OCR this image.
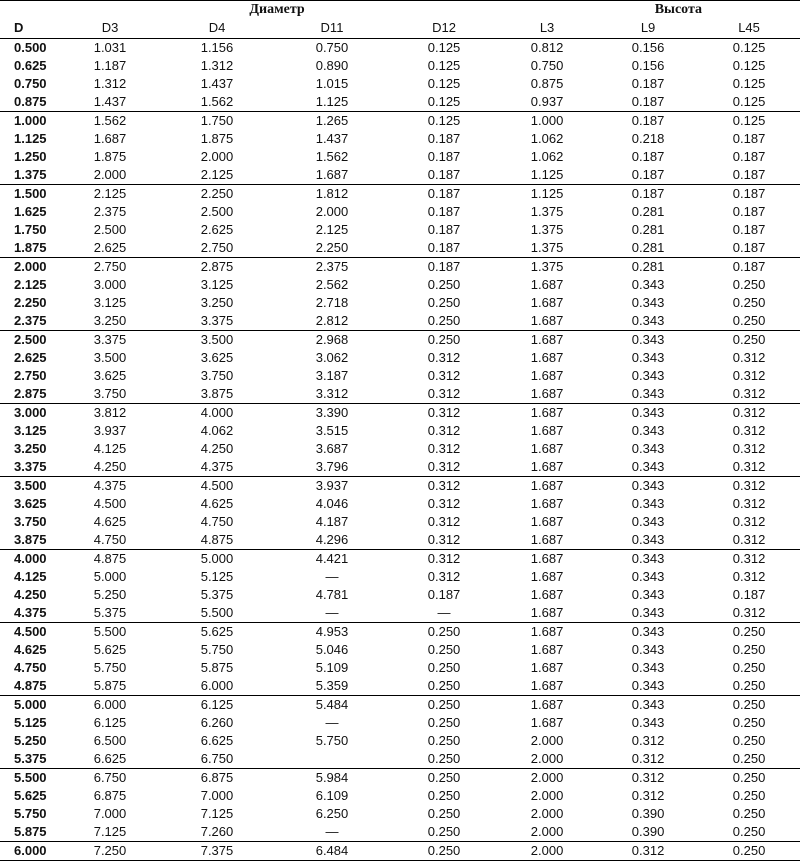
	Диаметр				Высота		
D	D3	D4	D11	D12	L3	L9	L45
0.500	1.031	1.156	0.750	0.125	0.812	0.156	0.125
0.625	1.187	1.312	0.890	0.125	0.750	0.156	0.125
0.750	1.312	1.437	1.015	0.125	0.875	0.187	0.125
0.875	1.437	1.562	1.125	0.125	0.937	0.187	0.125
1.000	1.562	1.750	1.265	0.125	1.000	0.187	0.125
1.125	1.687	1.875	1.437	0.187	1.062	0.218	0.187
1.250	1.875	2.000	1.562	0.187	1.062	0.187	0.187
1.375	2.000	2.125	1.687	0.187	1.125	0.187	0.187
1.500	2.125	2.250	1.812	0.187	1.125	0.187	0.187
1.625	2.375	2.500	2.000	0.187	1.375	0.281	0.187
1.750	2.500	2.625	2.125	0.187	1.375	0.281	0.187
1.875	2.625	2.750	2.250	0.187	1.375	0.281	0.187
2.000	2.750	2.875	2.375	0.187	1.375	0.281	0.187
2.125	3.000	3.125	2.562	0.250	1.687	0.343	0.250
2.250	3.125	3.250	2.718	0.250	1.687	0.343	0.250
2.375	3.250	3.375	2.812	0.250	1.687	0.343	0.250
2.500	3.375	3.500	2.968	0.250	1.687	0.343	0.250
2.625	3.500	3.625	3.062	0.312	1.687	0.343	0.312
2.750	3.625	3.750	3.187	0.312	1.687	0.343	0.312
2.875	3.750	3.875	3.312	0.312	1.687	0.343	0.312
3.000	3.812	4.000	3.390	0.312	1.687	0.343	0.312
3.125	3.937	4.062	3.515	0.312	1.687	0.343	0.312
3.250	4.125	4.250	3.687	0.312	1.687	0.343	0.312
3.375	4.250	4.375	3.796	0.312	1.687	0.343	0.312
3.500	4.375	4.500	3.937	0.312	1.687	0.343	0.312
3.625	4.500	4.625	4.046	0.312	1.687	0.343	0.312
3.750	4.625	4.750	4.187	0.312	1.687	0.343	0.312
3.875	4.750	4.875	4.296	0.312	1.687	0.343	0.312
4.000	4.875	5.000	4.421	0.312	1.687	0.343	0.312
4.125	5.000	5.125	—	0.312	1.687	0.343	0.312
4.250	5.250	5.375	4.781	0.187	1.687	0.343	0.187
4.375	5.375	5.500	—	—	1.687	0.343	0.312
4.500	5.500	5.625	4.953	0.250	1.687	0.343	0.250
4.625	5.625	5.750	5.046	0.250	1.687	0.343	0.250
4.750	5.750	5.875	5.109	0.250	1.687	0.343	0.250
4.875	5.875	6.000	5.359	0.250	1.687	0.343	0.250
5.000	6.000	6.125	5.484	0.250	1.687	0.343	0.250
5.125	6.125	6.260	—	0.250	1.687	0.343	0.250
5.250	6.500	6.625	5.750	0.250	2.000	0.312	0.250
5.375	6.625	6.750		0.250	2.000	0.312	0.250
5.500	6.750	6.875	5.984	0.250	2.000	0.312	0.250
5.625	6.875	7.000	6.109	0.250	2.000	0.312	0.250
5.750	7.000	7.125	6.250	0.250	2.000	0.390	0.250
5.875	7.125	7.260	—	0.250	2.000	0.390	0.250
6.000	7.250	7.375	6.484	0.250	2.000	0.312	0.250
